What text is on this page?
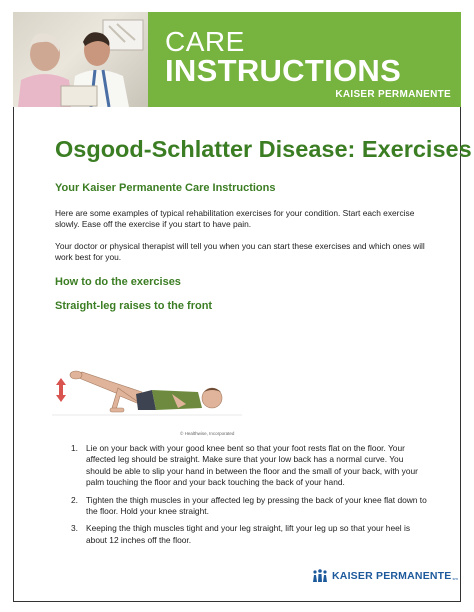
CARE
INSTRUCTIONS
KAISER PERMANENTE
Osgood-Schlatter Disease: Exercises
Your Kaiser Permanente Care Instructions

Here are some examples of typical rehabilitation exercises for your condition. Start each exercise slowly. Ease off the exercise if you start to have pain.

Your doctor or physical therapist will tell you when you can start these exercises and which ones will work best for you.

How to do the exercises
Straight-leg raises to the front
© Healthwise, Incorporated
1. Lie on your back with your good knee bent so that your foot rests flat on the floor. Your affected leg should be straight. Make sure that your low back has a normal curve. You should be able to slip your hand in between the floor and the small of your back, with your palm touching the floor and your back touching the back of your hand.
2. Tighten the thigh muscles in your affected leg by pressing the back of your knee flat down to the floor. Hold your knee straight.
3. Keeping the thigh muscles tight and your leg straight, lift your leg up so that your heel is about 12 inches off the floor.
KAISER PERMANENTE sm
